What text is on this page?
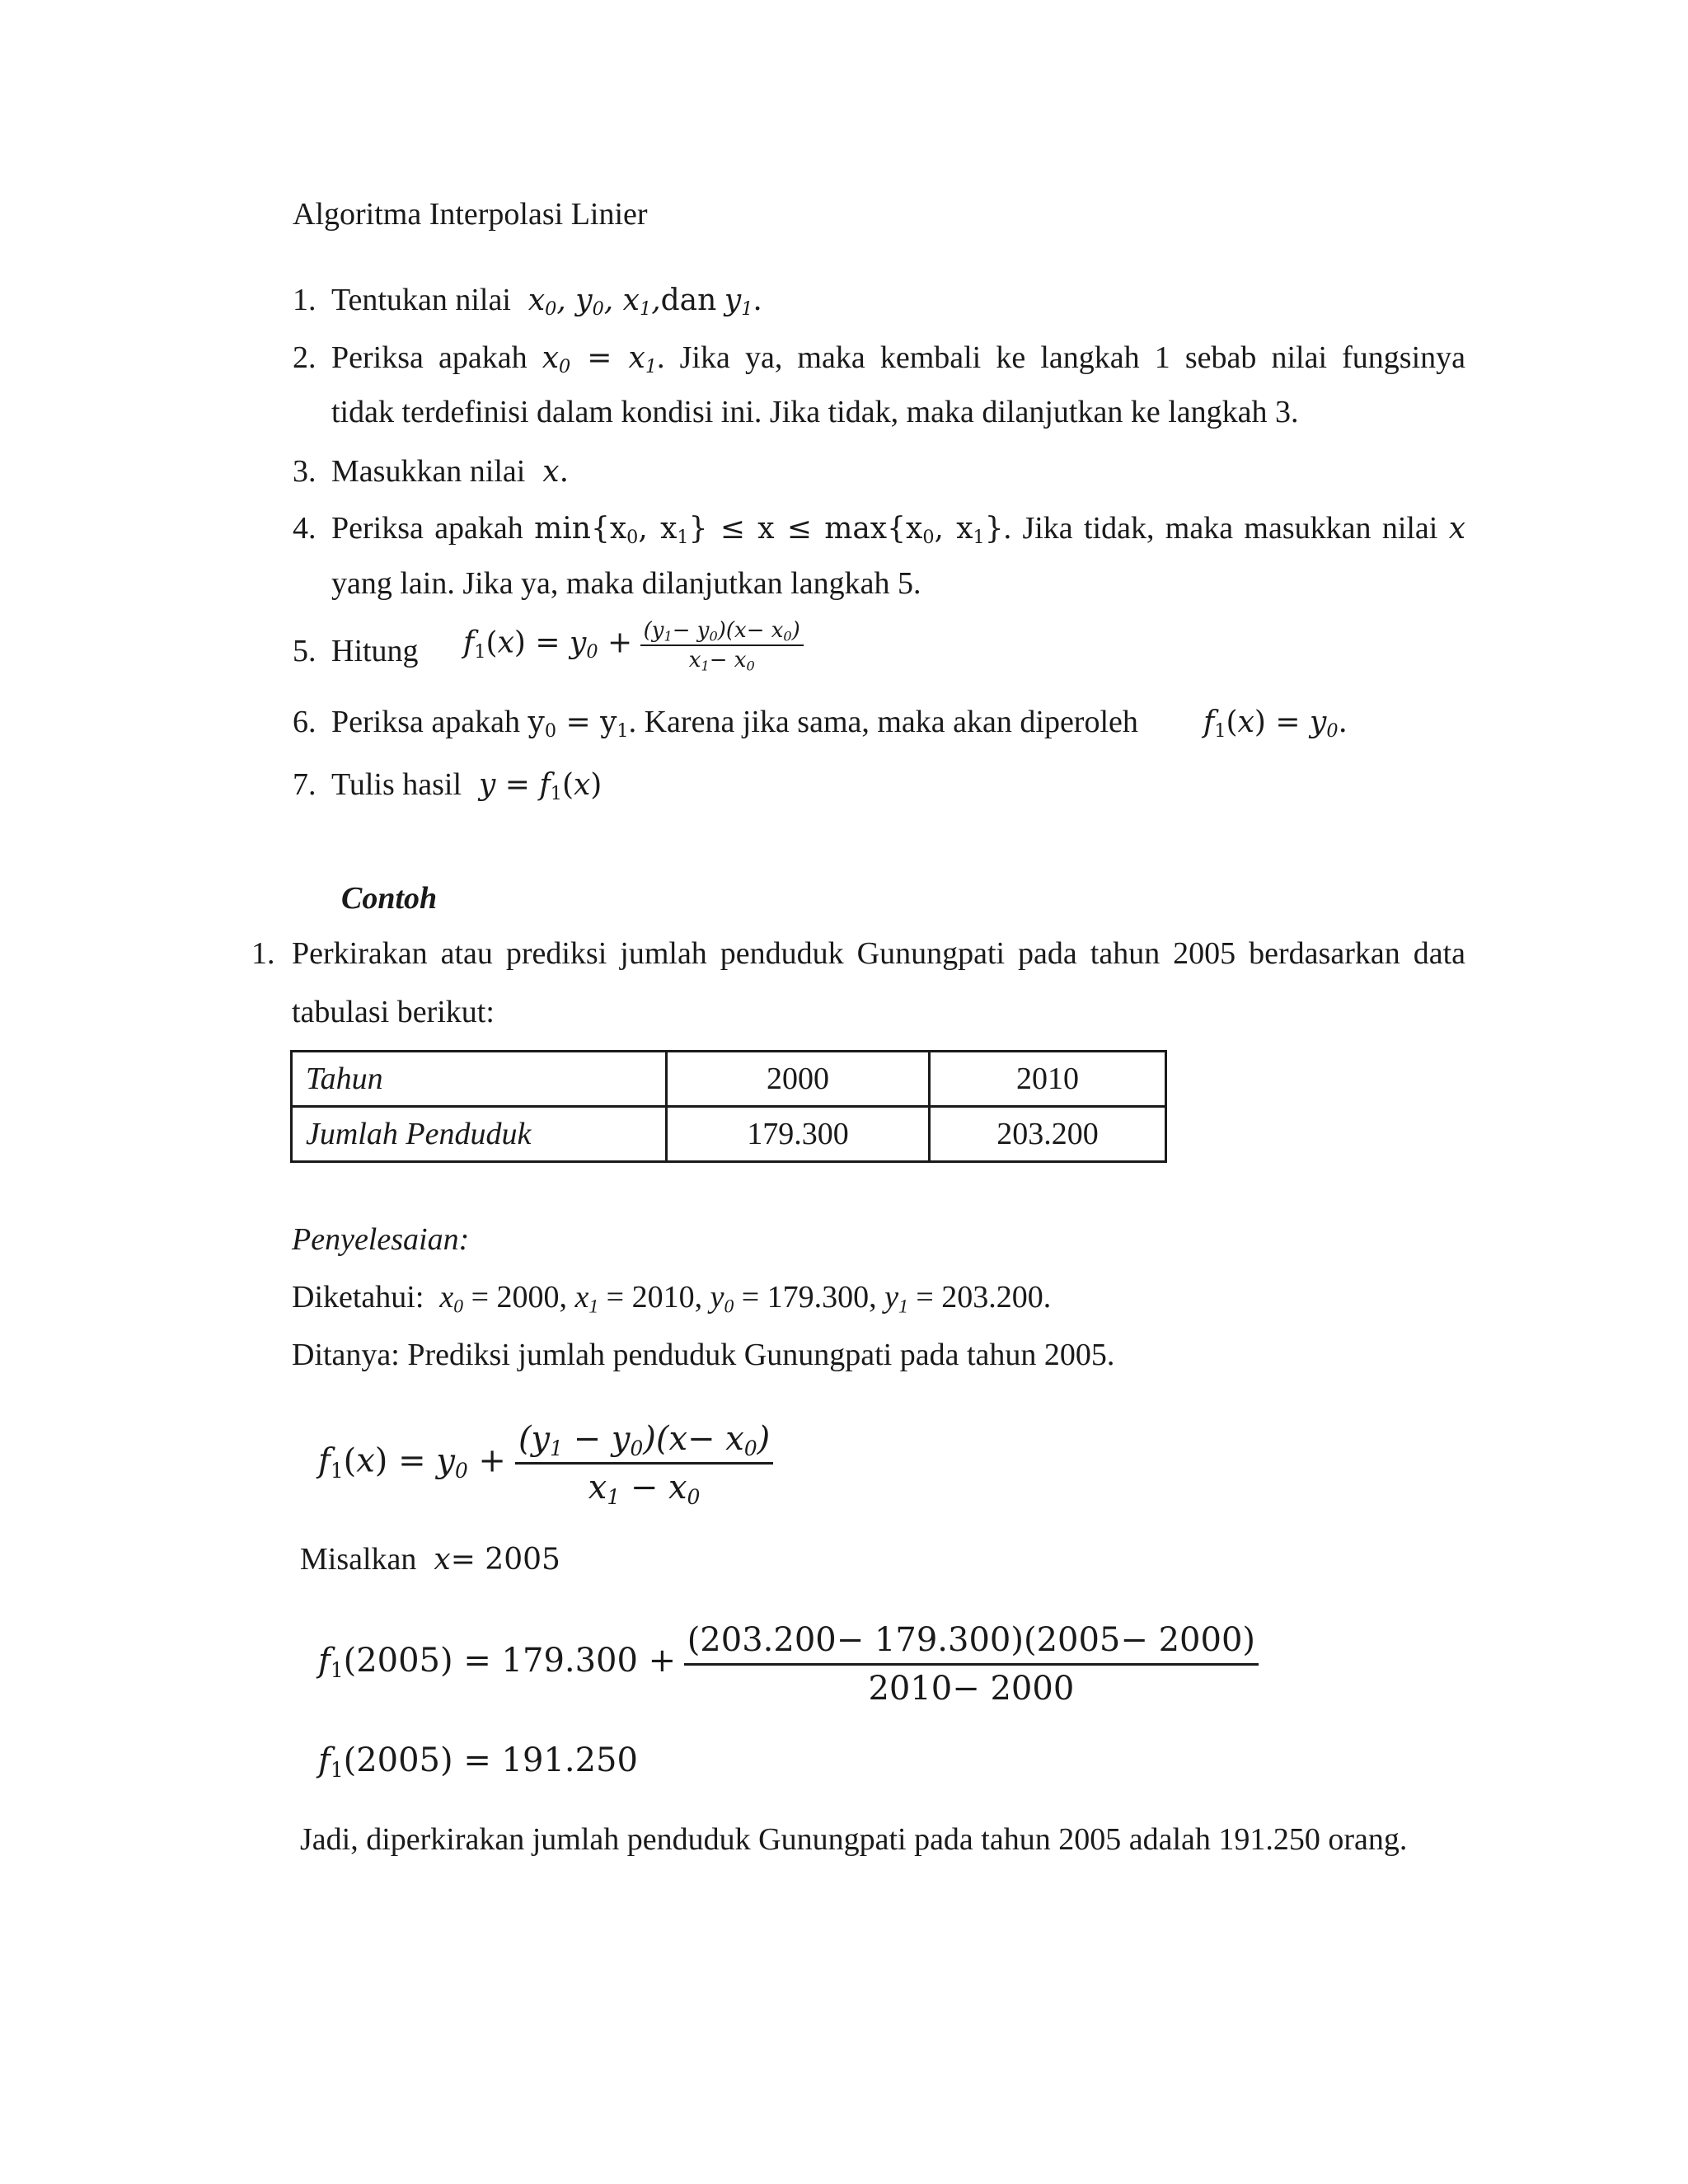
Algoritma Interpolasi Linier
1. Tentukan nilai  $x_0$, $y_0$, $x_1,dan$ $y_1$.
2. Periksa apakah $x_0 = x_1$. Jika ya, maka kembali ke langkah 1 sebab nilai fungsinya
tidak terdefinisi dalam kondisi ini. Jika tidak, maka dilanjutkan ke langkah 3.
3. Masukkan nilai  x.
4. Periksa apakah $\min\{x_0$, $x_1\} \le x \le \max\{x_0$, $x_1$}. Jika tidak, maka masukkan nilai x
yang lain. Jika ya, maka dilanjutkan langkah 5.
5. Hitung $f_1(x) = y_0 + \frac{(y_1- y_0)(x- x_0)}{x_1- x_0}$
6. Periksa apakah $y_0 = y_1$. Karena jika sama, maka akan diperoleh $f_1(x) = y_0$.
7. Tulis hasil  $y = f_1(x)$
Contoh
1. Perkirakan atau prediksi jumlah penduduk Gunungpati pada tahun 2005 berdasarkan data
tabulasi berikut:
Tahun	2000	2010
Jumlah Penduduk	179.300	203.200
Penyelesaian:
Diketahui:  $x_0 = 2000$, $x_1 = 2010$, $y_0 = 179.300$, $y_1 = 203.200$.
Ditanya: Prediksi jumlah penduduk Gunungpati pada tahun 2005.
$f_1(x) = y_0 + \frac{(y_1 - y_0)(x- x_0)}{x_1 - x_0}$
Misalkan  x= 2005
$f_1(2005) = 179.300 + \frac{(203.200- 179.300)(2005- 2000)}{2010- 2000}$
$f_1(2005) = 191.250$
Jadi, diperkirakan jumlah penduduk Gunungpati pada tahun 2005 adalah 191.250 orang.
